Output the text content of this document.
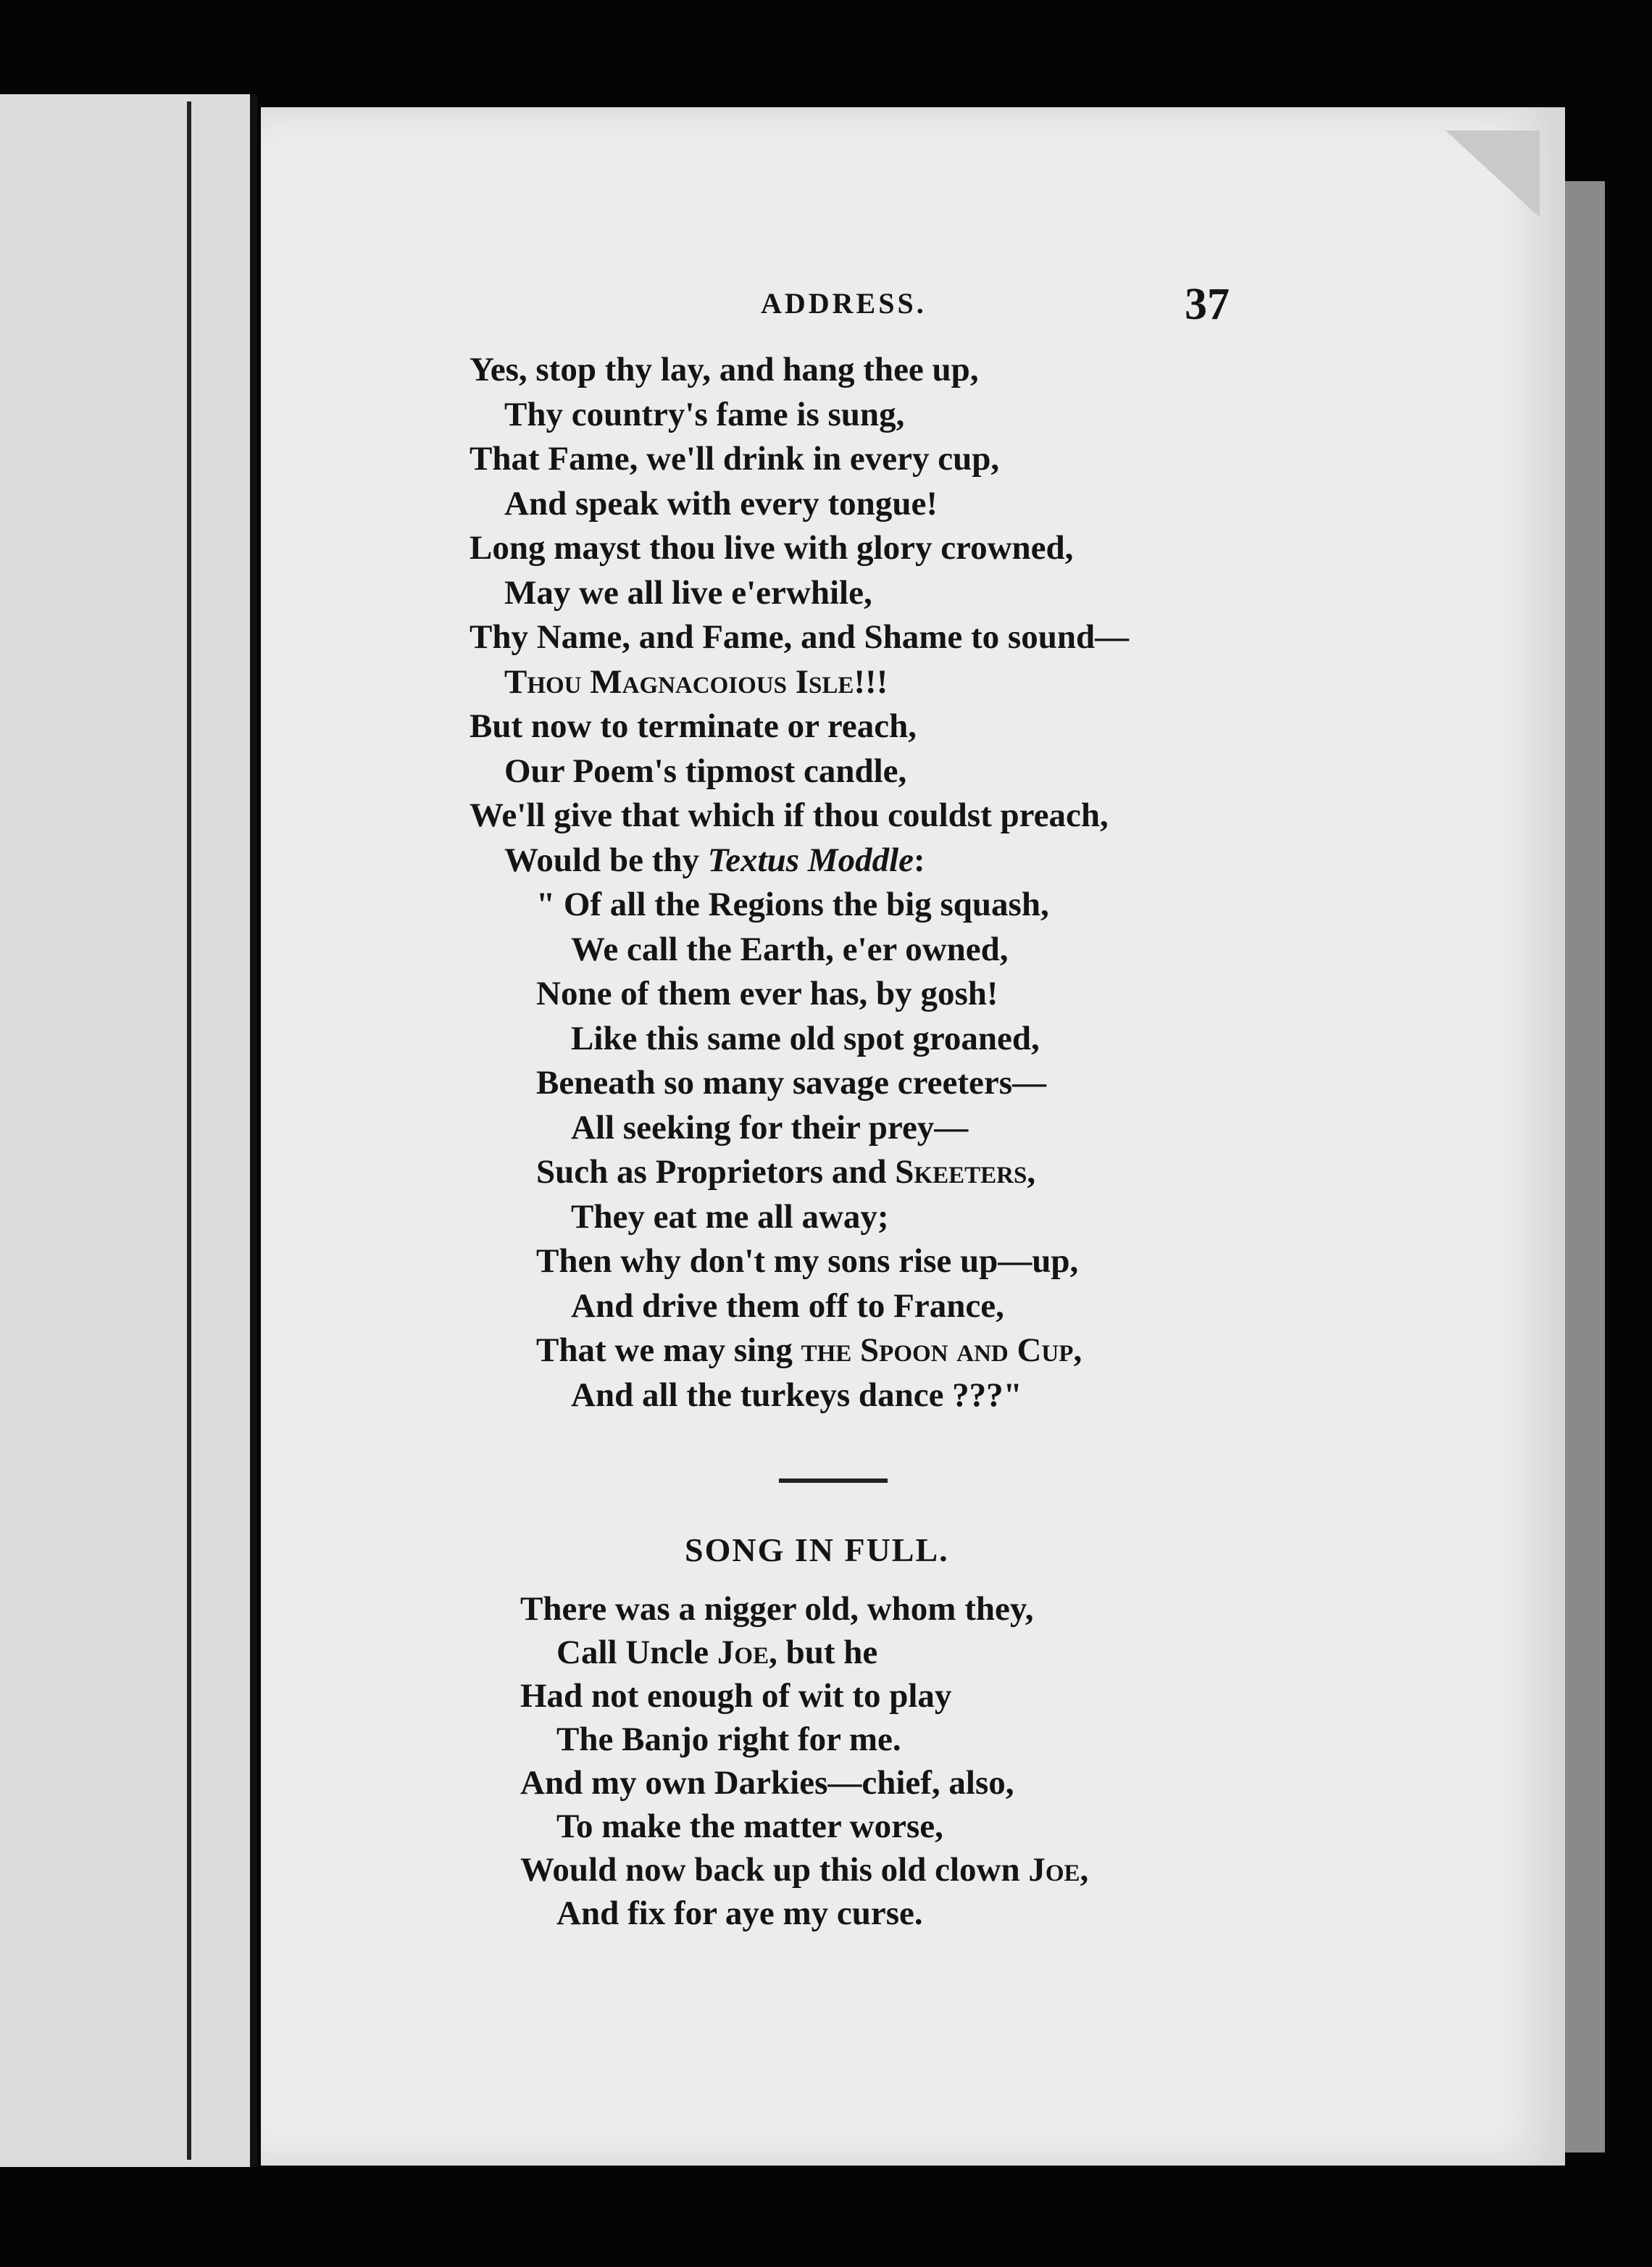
ADDRESS.	37
Yes, stop thy lay, and hang thee up,
Thy country's fame is sung,
That Fame, we'll drink in every cup,
And speak with every tongue!
Long mayst thou live with glory crowned,
May we all live e'erwhile,
Thy Name, and Fame, and Shame to sound—
Thou Magnacoious Isle!!!
But now to terminate or reach,
Our Poem's tipmost candle,
We'll give that which if thou couldst preach,
Would be thy Textus Moddle:
" Of all the Regions the big squash,
We call the Earth, e'er owned,
None of them ever has, by gosh!
Like this same old spot groaned,
Beneath so many savage creeters—
All seeking for their prey—
Such as Proprietors and Skeeters,
They eat me all away;
Then why don't my sons rise up—up,
And drive them off to France,
That we may sing the Spoon and Cup,
And all the turkeys dance ???"
SONG IN FULL.
There was a nigger old, whom they,
Call Uncle Joe, but he
Had not enough of wit to play
The Banjo right for me.
And my own Darkies—chief, also,
To make the matter worse,
Would now back up this old clown Joe,
And fix for aye my curse.
